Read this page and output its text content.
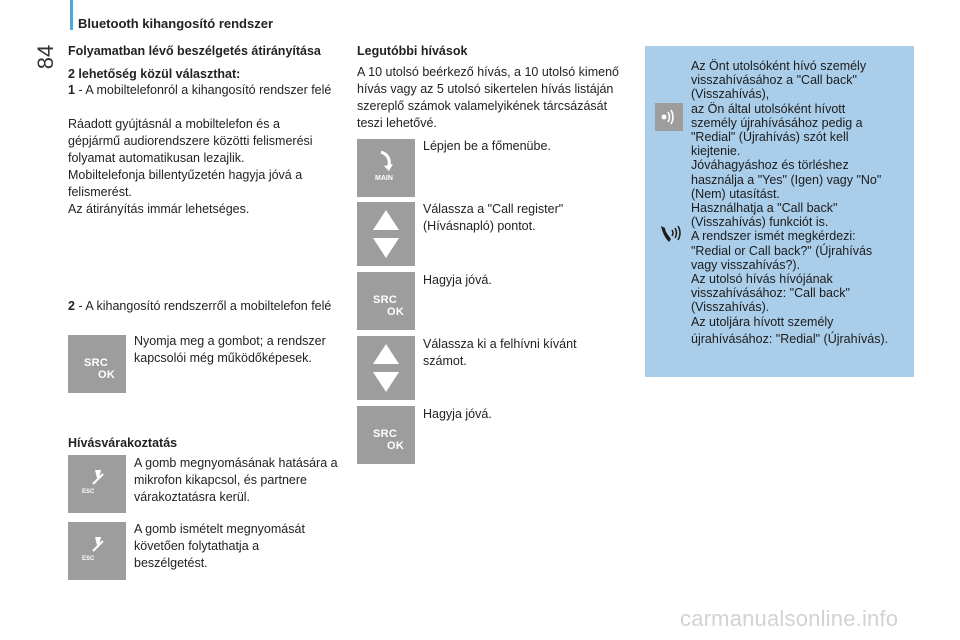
Bluetooth kihangosító rendszer
84 Folyamatban lévő beszélgetés átirányítása
2 lehetőség közül választhat:
1 - A mobiltelefonról a kihangosító rendszer felé
Ráadott gyújtásnál a mobiltelefon és a
gépjármű audiorendszere közötti felismerési
folyamat automatikusan lezajlik.
Mobiltelefonja billentyűzetén hagyja jóvá a
felismerést.
Az átirányítás immár lehetséges.
2 - A kihangosító rendszerről a mobiltelefon felé
SRC
OK
Nyomja meg a gombot; a rendszer kapcsolói még működőképesek.
Hívásvárakoztatás
ESC
A gomb megnyomásának hatására a mikrofon kikapcsol, és partnere várakoztatásra kerül.
ESC
A gomb ismételt megnyomását követően folytathatja a beszélgetést.
Legutóbbi hívások
A 10 utolsó beérkező hívás, a 10 utolsó kimenő hívás vagy az 5 utolsó sikertelen hívás listáján szereplő számok valamelyikének tárcsázását teszi lehetővé.
MAIN
Lépjen be a főmenübe.
Válassza a "Call register" (Hívásnapló) pontot.
SRC
OK
Hagyja jóvá.
Válassza ki a felhívni kívánt számot.
SRC
OK
Hagyja jóvá.

Az Önt utolsóként hívó személy

visszahívásához a "Call back"

(Visszahívás),

az Ön által utolsóként hívott

személy újrahívásához pedig a

"Redial" (Újrahívás) szót kell

kiejtenie.

Jóváhagyáshoz és törléshez

használja a "Yes" (Igen) vagy "No"

(Nem) utasítást.

Használhatja a "Call back"

(Visszahívás) funkciót is.

A rendszer ismét megkérdezi:

"Redial or Call back?" (Újrahívás

vagy visszahívás?).

Az utolsó hívás hívójának

visszahívásához: "Call back"

(Visszahívás).

Az utoljára hívott személy

újrahívásához: "Redial" (Újrahívás).

carmanualsonline.info
